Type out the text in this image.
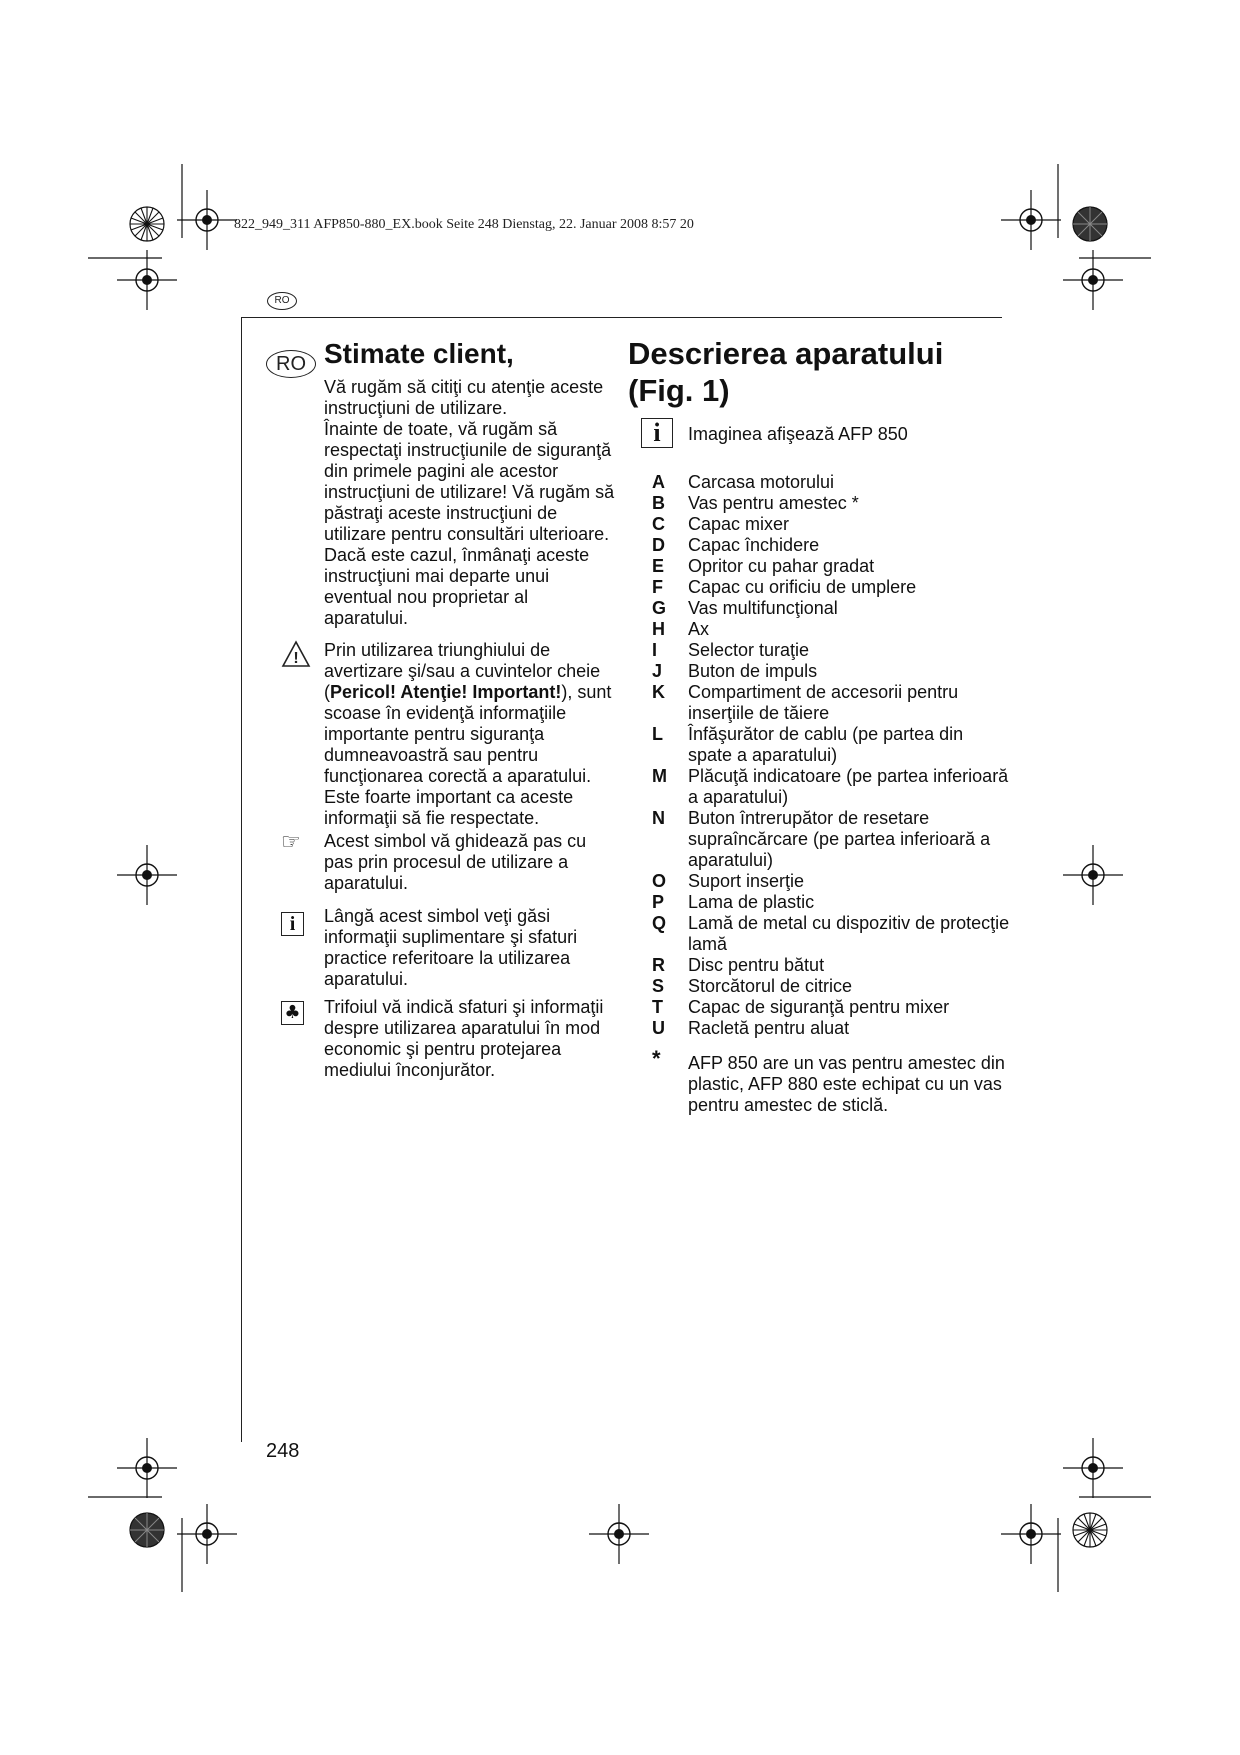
822_949_311 AFP850-880_EX.book Seite 248 Dienstag, 22. Januar 2008 8:57 20
RO
RO Stimate client,

Vă rugăm să citiţi cu atenţie aceste instrucţiuni de utilizare.

Înainte de toate, vă rugăm să respectaţi instrucţiunile de siguranţă din primele pagini ale acestor instrucţiuni de utilizare! Vă rugăm să păstraţi aceste instrucţiuni de utilizare pentru consultări ulterioare. Dacă este cazul, înmânaţi aceste instrucţiuni mai departe unui eventual nou proprietar al aparatului.

! Prin utilizarea triunghiului de avertizare şi/sau a cuvintelor cheie (Pericol! Atenţie! Important!), sunt scoase în evidenţă informaţiile importante pentru siguranţa dumneavoastră sau pentru funcţionarea corectă a aparatului. Este foarte important ca aceste informaţii să fie respectate.

☞	Acest simbol vă ghidează pas cu pas prin procesul de utilizare a aparatului.

i	Lângă acest simbol veţi găsi informaţii suplimentare şi sfaturi practice referitoare la utilizarea aparatului.

♣ Trifoiul vă indică sfaturi şi informaţii despre utilizarea aparatului în mod economic şi pentru protejarea mediului înconjurător.

Descrierea aparatului
(Fig. 1)
i	Imaginea afişează AFP 850

A	Carcasa motorului
B	Vas pentru amestec *
C	Capac mixer
D	Capac închidere
E	Opritor cu pahar gradat
F	Capac cu orificiu de umplere
G	Vas multifuncţional
H	Ax
I	Selector turaţie
J	Buton de impuls
K	Compartiment de accesorii pentru inserţiile de tăiere
L	Înfăşurător de cablu (pe partea din spate a aparatului)
M	Plăcuţă indicatoare (pe partea inferioară a aparatului)
N	Buton întrerupător de resetare supraîncărcare (pe partea inferioară a aparatului)
O	Suport inserţie
P	Lama de plastic
Q	Lamă de metal cu dispozitiv de protecţie lamă
R	Disc pentru bătut
S	Storcătorul de citrice
T	Capac de siguranţă pentru mixer
U	Racletă pentru aluat
*	AFP 850 are un vas pentru amestec din plastic, AFP 880 este echipat cu un vas pentru amestec de sticlă.
248
